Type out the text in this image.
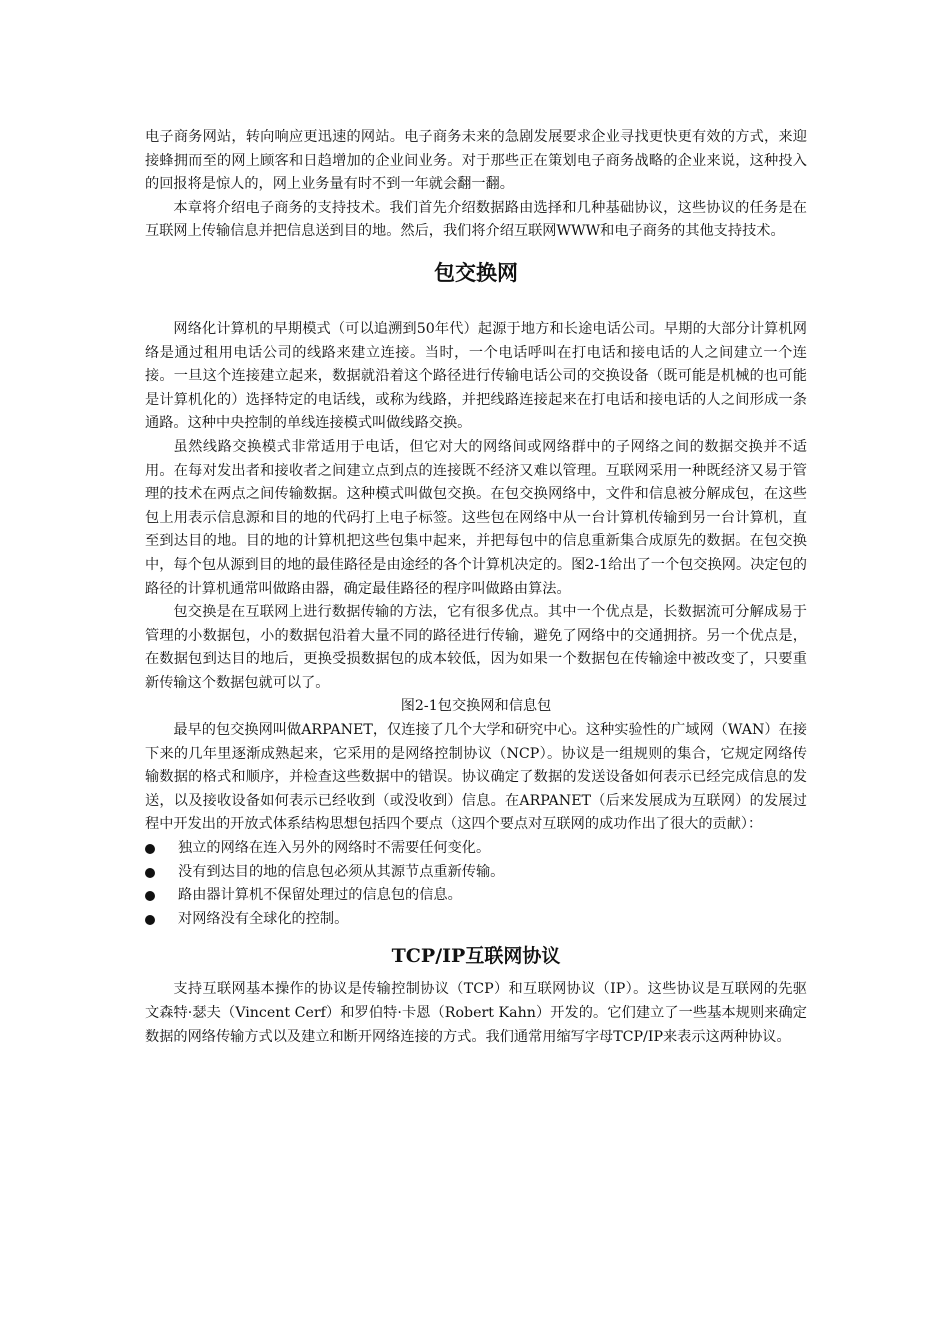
电子商务网站，转向响应更迅速的网站。电子商务未来的急剧发展要求企业寻找更快更有效的方式，来迎接蜂拥而至的网上顾客和日趋增加的企业间业务。对于那些正在策划电子商务战略的企业来说，这种投入的回报将是惊人的，网上业务量有时不到一年就会翻一翻。

本章将介绍电子商务的支持技术。我们首先介绍数据路由选择和几种基础协议，这些协议的任务是在互联网上传输信息并把信息送到目的地。然后，我们将介绍互联网WWW和电子商务的其他支持技术。

包交换网

网络化计算机的早期模式（可以追溯到50年代）起源于地方和长途电话公司。早期的大部分计算机网络是通过租用电话公司的线路来建立连接。当时，一个电话呼叫在打电话和接电话的人之间建立一个连接。一旦这个连接建立起来，数据就沿着这个路径进行传输电话公司的交换设备（既可能是机械的也可能是计算机化的）选择特定的电话线，或称为线路，并把线路连接起来在打电话和接电话的人之间形成一条通路。这种中央控制的单线连接模式叫做线路交换。

虽然线路交换模式非常适用于电话，但它对大的网络间或网络群中的子网络之间的数据交换并不适用。在每对发出者和接收者之间建立点到点的连接既不经济又难以管理。互联网采用一种既经济又易于管理的技术在两点之间传输数据。这种模式叫做包交换。在包交换网络中，文件和信息被分解成包，在这些包上用表示信息源和目的地的代码打上电子标签。这些包在网络中从一台计算机传输到另一台计算机，直至到达目的地。目的地的计算机把这些包集中起来，并把每包中的信息重新集合成原先的数据。在包交换中，每个包从源到目的地的最佳路径是由途经的各个计算机决定的。图2-1给出了一个包交换网。决定包的路径的计算机通常叫做路由器，确定最佳路径的程序叫做路由算法。

包交换是在互联网上进行数据传输的方法，它有很多优点。其中一个优点是，长数据流可分解成易于管理的小数据包，小的数据包沿着大量不同的路径进行传输，避免了网络中的交通拥挤。另一个优点是，在数据包到达目的地后，更换受损数据包的成本较低，因为如果一个数据包在传输途中被改变了，只要重新传输这个数据包就可以了。

图2-1包交换网和信息包

最早的包交换网叫做ARPANET，仅连接了几个大学和研究中心。这种实验性的广域网（WAN）在接下来的几年里逐渐成熟起来，它采用的是网络控制协议（NCP）。协议是一组规则的集合，它规定网络传输数据的格式和顺序，并检查这些数据中的错误。协议确定了数据的发送设备如何表示已经完成信息的发送，以及接收设备如何表示已经收到（或没收到）信息。在ARPANET（后来发展成为互联网）的发展过程中开发出的开放式体系结构思想包括四个要点（这四个要点对互联网的成功作出了很大的贡献）：

独立的网络在连入另外的网络时不需要任何变化。
没有到达目的地的信息包必须从其源节点重新传输。
路由器计算机不保留处理过的信息包的信息。
对网络没有全球化的控制。
TCP/IP互联网协议

支持互联网基本操作的协议是传输控制协议（TCP）和互联网协议（IP）。这些协议是互联网的先驱文森特·瑟夫（Vincent Cerf）和罗伯特·卡恩（Robert Kahn）开发的。它们建立了一些基本规则来确定数据的网络传输方式以及建立和断开网络连接的方式。我们通常用缩写字母TCP/IP来表示这两种协议。
